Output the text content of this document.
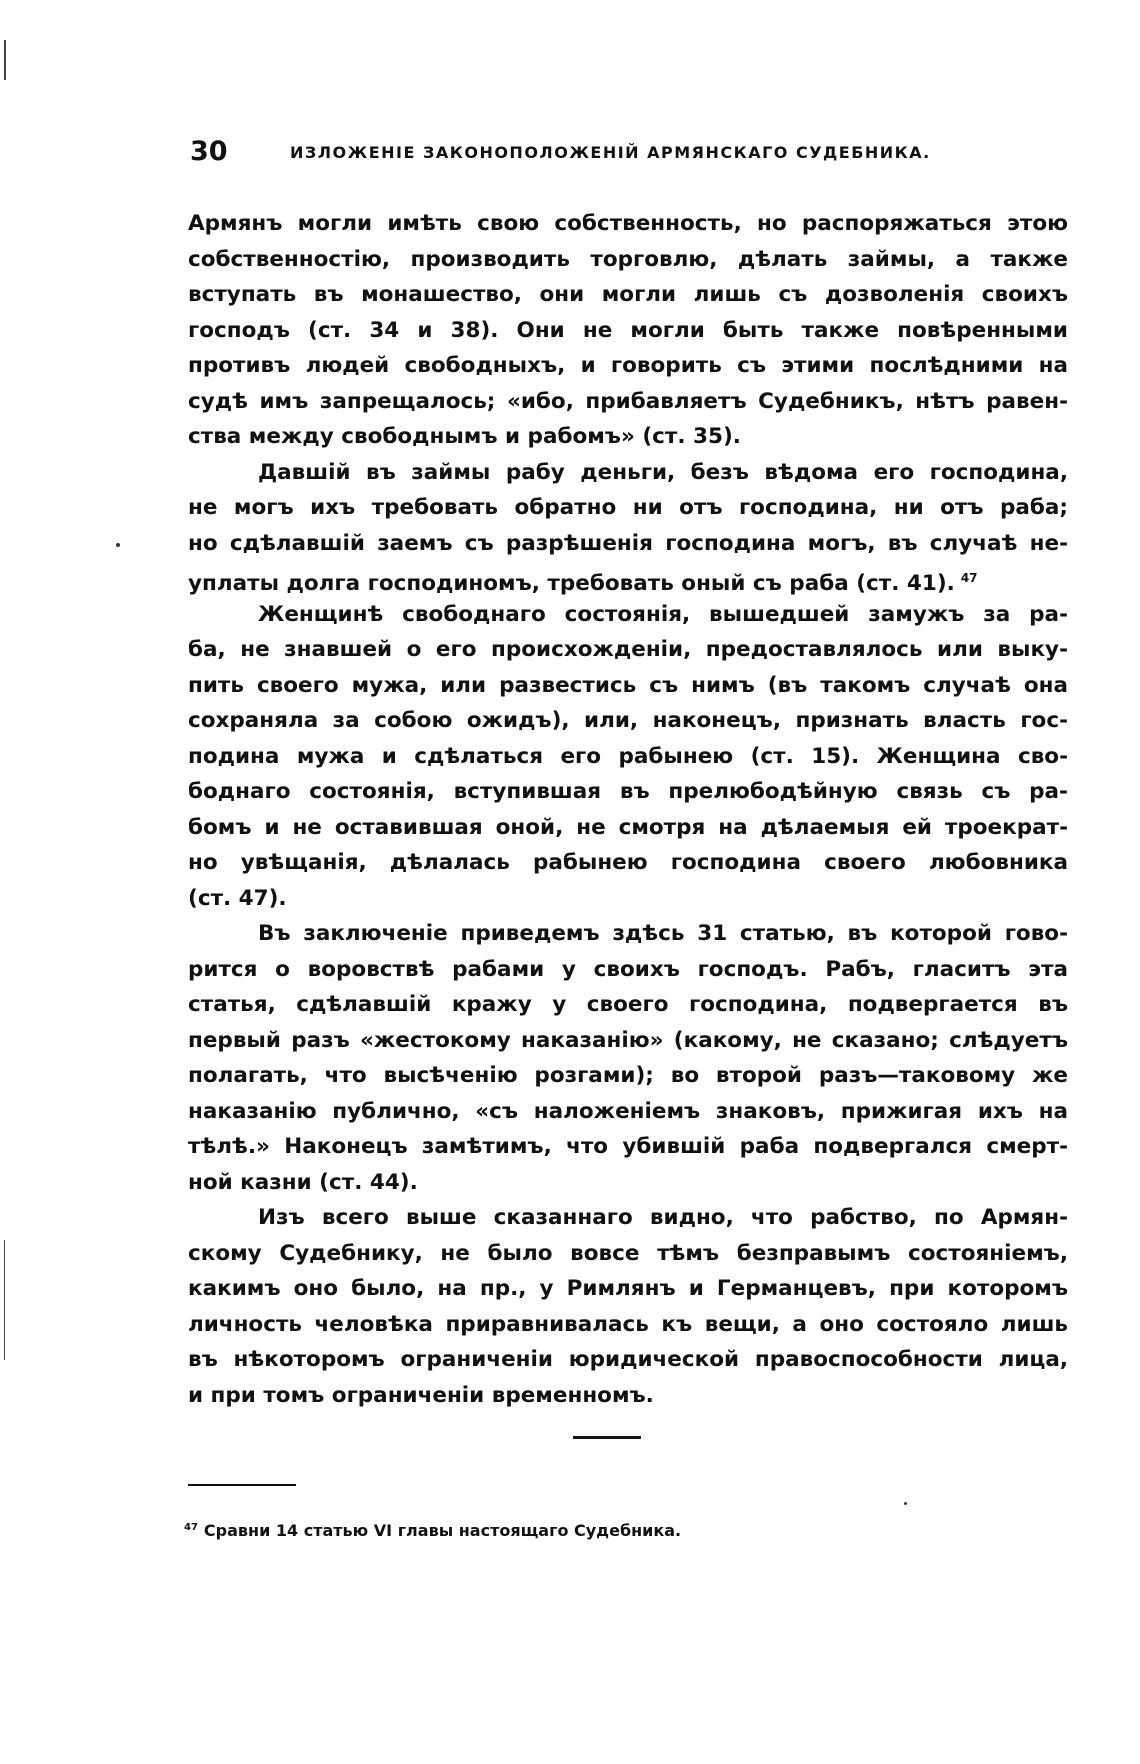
30	ИЗЛОЖЕНІЕ ЗАКОНОПОЛОЖЕНІЙ АРМЯНСКАГО СУДЕБНИКА.
Армянъ могли имѣть свою собственность, но распоряжаться этою
собственностію, производить торговлю, дѣлать займы, а также
вступать въ монашество, они могли лишь съ дозволенія своихъ
господъ (ст. 34 и 38). Они не могли быть также повѣренными
противъ людей свободныхъ, и говорить съ этими послѣдними на
судѣ имъ запрещалось; «ибо, прибавляетъ Судебникъ, нѣтъ равен-
ства между свободнымъ и рабомъ» (ст. 35).
Давшій въ займы рабу деньги, безъ вѣдома его господина,
не могъ ихъ требовать обратно ни отъ господина, ни отъ раба;
но сдѣлавшій заемъ съ разрѣшенія господина могъ, въ случаѣ не-
уплаты долга господиномъ, требовать оный съ раба (ст. 41). $^{47}$
Женщинѣ свободнаго состоянія, вышедшей замужъ за ра-
ба, не знавшей о его происхожденіи, предоставлялось или выку-
пить своего мужа, или развестись съ нимъ (въ такомъ случаѣ она
сохраняла за собою ожидъ), или, наконецъ, признать власть гос-
подина мужа и сдѣлаться его рабынею (ст. 15). Женщина сво-
боднаго состоянія, вступившая въ прелюбодѣйную связь съ ра-
бомъ и не оставившая оной, не смотря на дѣлаемыя ей троекрат-
но увѣщанія, дѣлалась рабынею господина своего любовника
(ст. 47).
Въ заключеніе приведемъ здѣсь 31 статью, въ которой гово-
рится о воровствѣ рабами у своихъ господъ. Рабъ, гласитъ эта
статья, сдѣлавшій кражу у своего господина, подвергается въ
первый разъ «жестокому наказанію» (какому, не сказано; слѣдуетъ
полагать, что высѣченію розгами); во второй разъ—таковому же
наказанію публично, «съ наложеніемъ знаковъ, прижигая ихъ на
тѣлѣ.» Наконецъ замѣтимъ, что убившій раба подвергался смерт-
ной казни (ст. 44).
Изъ всего выше сказаннаго видно, что рабство, по Армян-
скому Судебнику, не было вовсе тѣмъ безправымъ состояніемъ,
какимъ оно было, на пр., у Римлянъ и Германцевъ, при которомъ
личность человѣка приравнивалась къ вещи, а оно состояло лишь
въ нѣкоторомъ ограниченіи юридической правоспособности лица,
и при томъ ограниченіи временномъ.
$^{47}$ Сравни 14 статью VI главы настоящаго Судебника.
